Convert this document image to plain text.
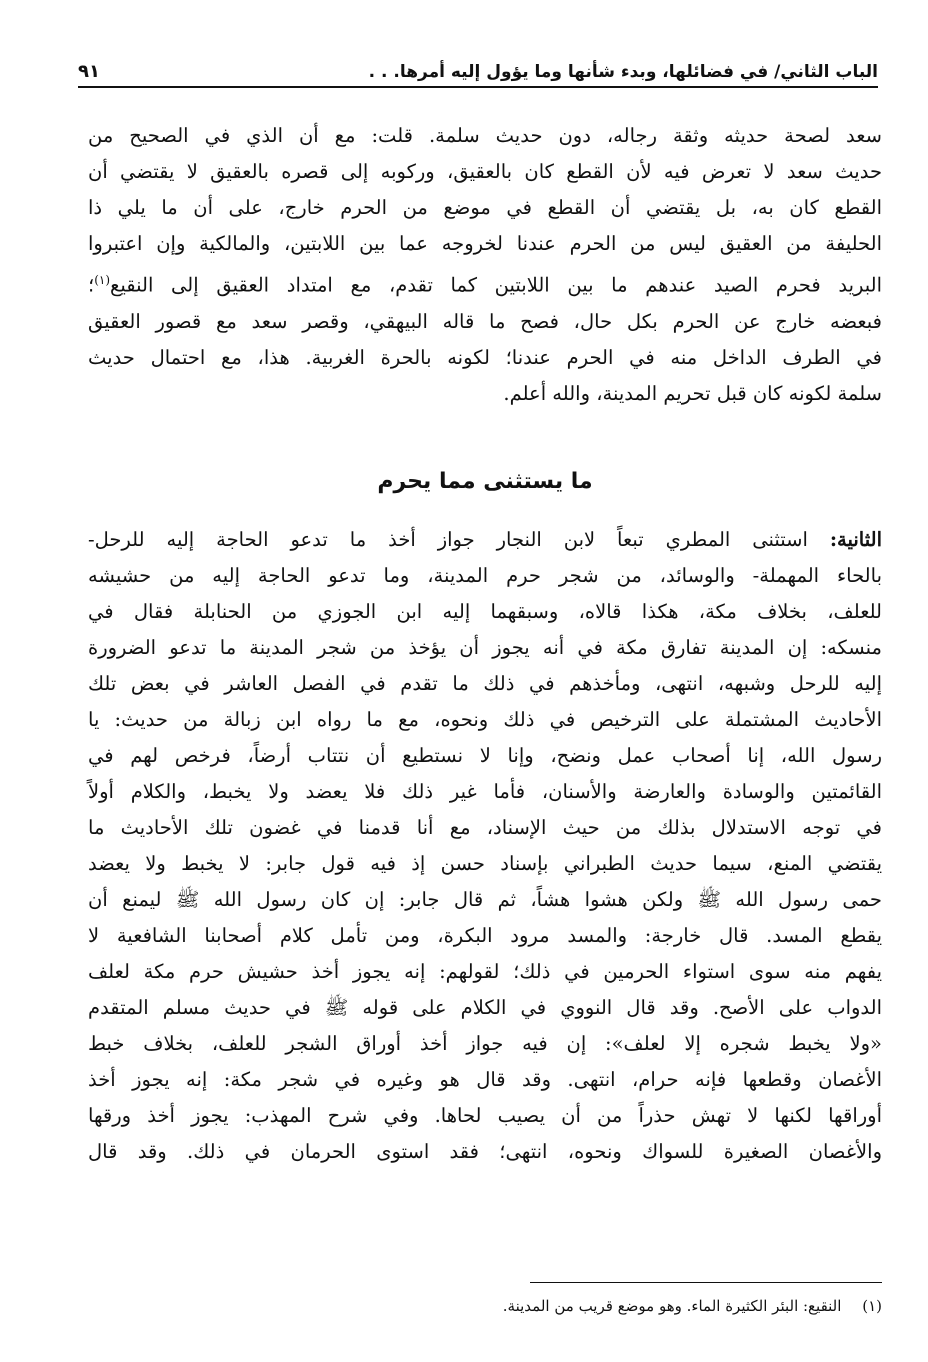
الباب الثاني/ في فضائلها، وبدء شأنها وما يؤول إليه أمرها. . .
٩١
سعد لصحة حديثه وثقة رجاله، دون حديث سلمة. قلت: مع أن الذي في الصحيح من
حديث سعد لا تعرض فيه لأن القطع كان بالعقيق، وركوبه إلى قصره بالعقيق لا يقتضي أن
القطع كان به، بل يقتضي أن القطع في موضع من الحرم خارج، على أن ما يلي ذا
الحليفة من العقيق ليس من الحرم عندنا لخروجه عما بين اللابتين، والمالكية وإن اعتبروا
البريد فحرم الصيد عندهم ما بين اللابتين كما تقدم، مع امتداد العقيق إلى النقيع$^{(١)}$؛
فبعضه خارج عن الحرم بكل حال، فصح ما قاله البيهقي، وقصر سعد مع قصور العقيق
في الطرف الداخل منه في الحرم عندنا؛ لكونه بالحرة الغربية. هذا، مع احتمال حديث
سلمة لكونه كان قبل تحريم المدينة، والله أعلم.
ما يستثنى مما يحرم
الثانية: استثنى المطري تبعاً لابن النجار جواز أخذ ما تدعو الحاجة إليه للرحل-
بالحاء المهملة- والوسائد، من شجر حرم المدينة، وما تدعو الحاجة إليه من حشيشه
للعلف، بخلاف مكة، هكذا قالاه، وسبقهما إليه ابن الجوزي من الحنابلة فقال في
منسكه: إن المدينة تفارق مكة في أنه يجوز أن يؤخذ من شجر المدينة ما تدعو الضرورة
إليه للرحل وشبهه، انتهى، ومأخذهم في ذلك ما تقدم في الفصل العاشر في بعض تلك
الأحاديث المشتملة على الترخيص في ذلك ونحوه، مع ما رواه ابن زبالة من حديث: يا
رسول الله، إنا أصحاب عمل ونضح، وإنا لا نستطيع أن نتتاب أرضاً، فرخص لهم في
القائمتين والوسادة والعارضة والأسنان، فأما غير ذلك فلا يعضد ولا يخبط، والكلام أولاً
في توجه الاستدلال بذلك من حيث الإسناد، مع أنا قدمنا في غضون تلك الأحاديث ما
يقتضي المنع، سيما حديث الطبراني بإسناد حسن إذ فيه قول جابر: لا يخبط ولا يعضد
حمى رسول الله ﷺ ولكن هشوا هشاً، ثم قال جابر: إن كان رسول الله ﷺ ليمنع أن
يقطع المسد. قال خارجة: والمسد مرود البكرة، ومن تأمل كلام أصحابنا الشافعية لا
يفهم منه سوى استواء الحرمين في ذلك؛ لقولهم: إنه يجوز أخذ حشيش حرم مكة لعلف
الدواب على الأصح. وقد قال النووي في الكلام على قوله ﷺ في حديث مسلم المتقدم
«ولا يخبط شجره إلا لعلف»: إن فيه جواز أخذ أوراق الشجر للعلف، بخلاف خبط
الأغصان وقطعها فإنه حرام، انتهى. وقد قال هو وغيره في شجر مكة: إنه يجوز أخذ
أوراقها لكنها لا تهش حذراً من أن يصيب لحاها. وفي شرح المهذب: يجوز أخذ ورقها
والأغصان الصغيرة للسواك ونحوه، انتهى؛ فقد استوى الحرمان في ذلك. وقد قال
(١) النقيع: البئر الكثيرة الماء. وهو موضع قريب من المدينة.
